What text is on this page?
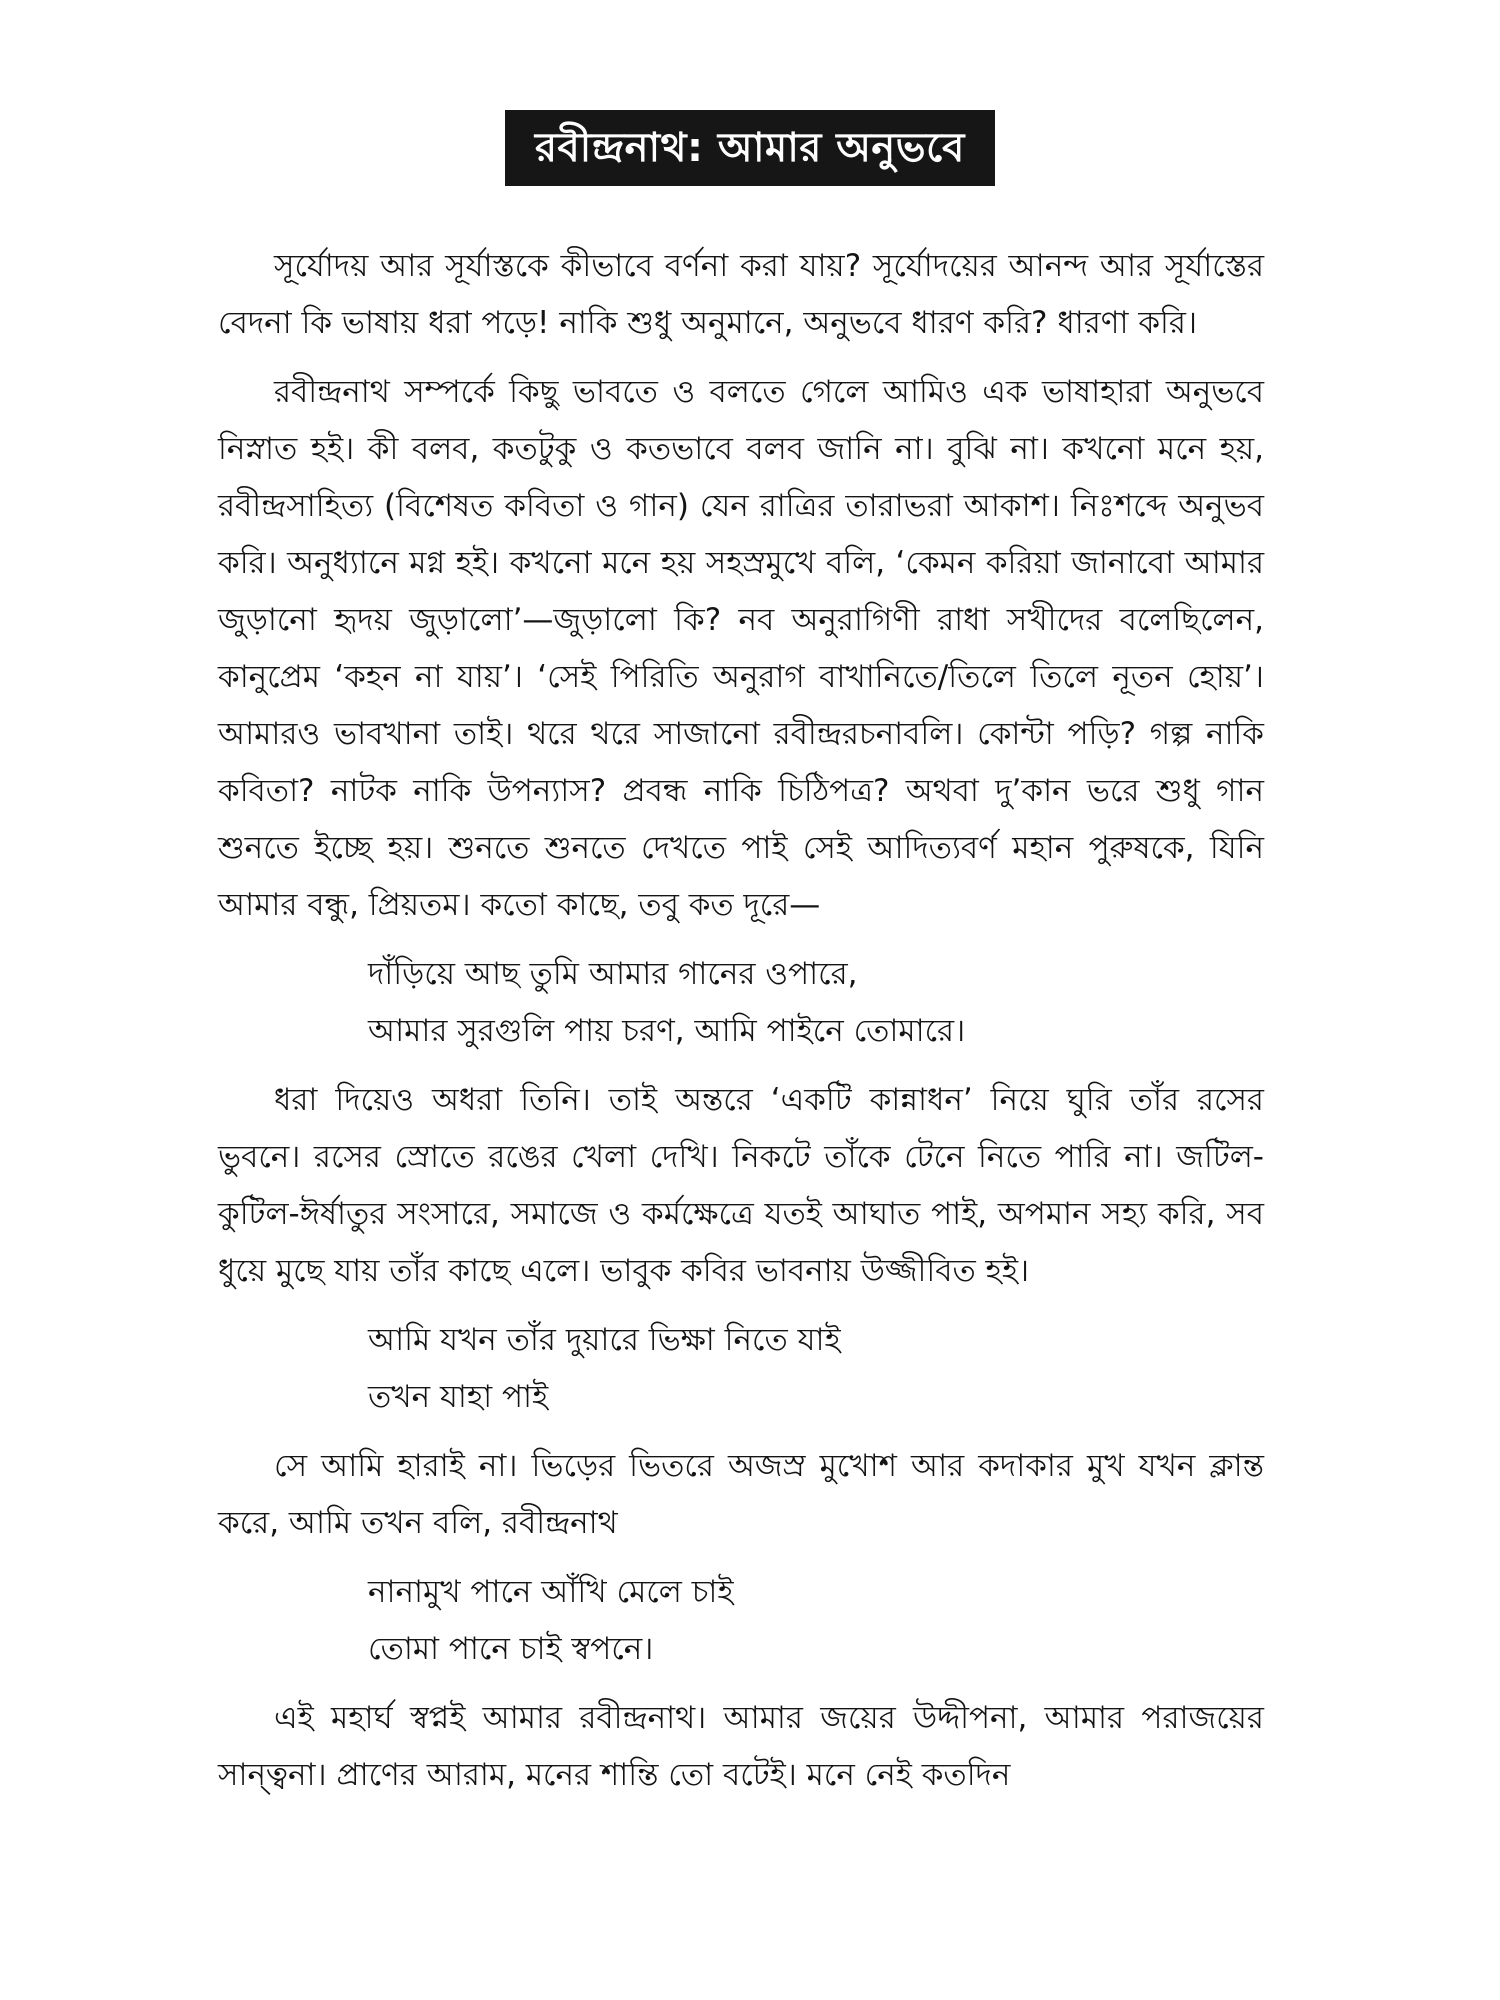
রবীন্দ্রনাথ: আমার অনুভবে

সূর্যোদয় আর সূর্যাস্তকে কীভাবে বর্ণনা করা যায়? সূর্যোদয়ের আনন্দ আর সূর্যাস্তের বেদনা কি ভাষায় ধরা পড়ে! নাকি শুধু অনুমানে, অনুভবে ধারণ করি? ধারণা করি।

রবীন্দ্রনাথ সম্পর্কে কিছু ভাবতে ও বলতে গেলে আমিও এক ভাষাহারা অনুভবে নিস্নাত হই। কী বলব, কতটুকু ও কতভাবে বলব জানি না। বুঝি না। কখনো মনে হয়, রবীন্দ্রসাহিত্য (বিশেষত কবিতা ও গান) যেন রাত্রির তারাভরা আকাশ। নিঃশব্দে অনুভব করি। অনুধ্যানে মগ্ন হই। কখনো মনে হয় সহস্রমুখে বলি, ‘কেমন করিয়া জানাবো আমার জুড়ানো হৃদয় জুড়ালো’—জুড়ালো কি? নব অনুরাগিণী রাধা সখীদের বলেছিলেন, কানুপ্রেম ‘কহন না যায়’। ‘সেই পিরিতি অনুরাগ বাখানিতে/তিলে তিলে নূতন হোয়’। আমারও ভাবখানা তাই। থরে থরে সাজানো রবীন্দ্ররচনাবলি। কোন্টা পড়ি? গল্প নাকি কবিতা? নাটক নাকি উপন্যাস? প্রবন্ধ নাকি চিঠিপত্র? অথবা দু’কান ভরে শুধু গান শুনতে ইচ্ছে হয়। শুনতে শুনতে দেখতে পাই সেই আদিত্যবর্ণ মহান পুরুষকে, যিনি আমার বন্ধু, প্রিয়তম। কতো কাছে, তবু কত দূরে—

দাঁড়িয়ে আছ তুমি আমার গানের ওপারে,
আমার সুরগুলি পায় চরণ, আমি পাইনে তোমারে।

ধরা দিয়েও অধরা তিনি। তাই অন্তরে ‘একটি কান্নাধন’ নিয়ে ঘুরি তাঁর রসের ভুবনে। রসের স্রোতে রঙের খেলা দেখি। নিকটে তাঁকে টেনে নিতে পারি না। জটিল-কুটিল-ঈর্ষাতুর সংসারে, সমাজে ও কর্মক্ষেত্রে যতই আঘাত পাই, অপমান সহ্য করি, সব ধুয়ে মুছে যায় তাঁর কাছে এলে। ভাবুক কবির ভাবনায় উজ্জীবিত হই।

আমি যখন তাঁর দুয়ারে ভিক্ষা নিতে যাই
তখন যাহা পাই

সে আমি হারাই না। ভিড়ের ভিতরে অজস্র মুখোশ আর কদাকার মুখ যখন ক্লান্ত করে, আমি তখন বলি, রবীন্দ্রনাথ

নানামুখ পানে আঁখি মেলে চাই
তোমা পানে চাই স্বপনে।

এই মহার্ঘ স্বপ্নই আমার রবীন্দ্রনাথ। আমার জয়ের উদ্দীপনা, আমার পরাজয়ের সান্ত্বনা। প্রাণের আরাম, মনের শান্তি তো বটেই। মনে নেই কতদিন
